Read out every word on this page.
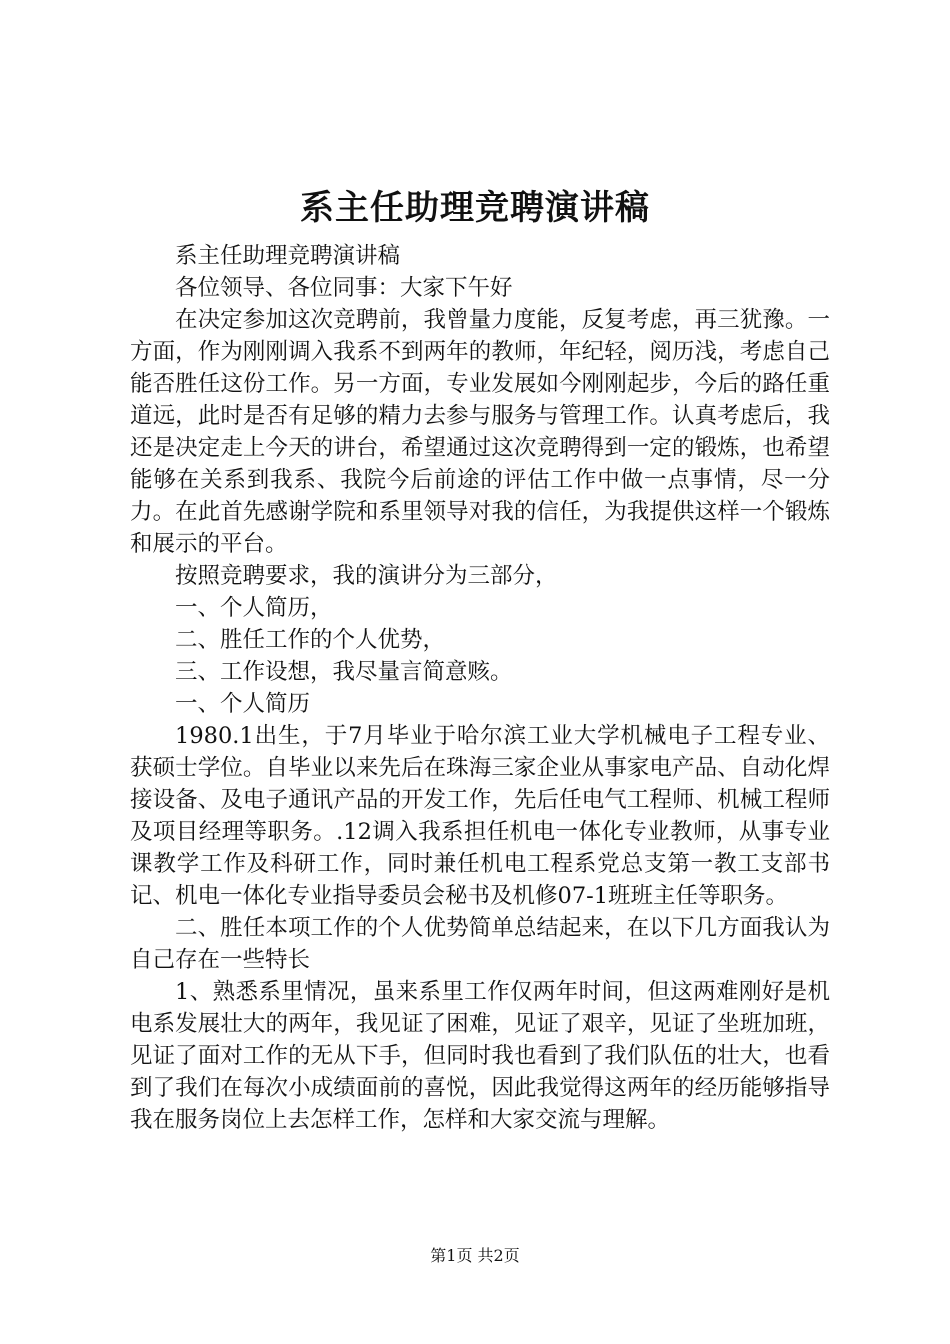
系主任助理竞聘演讲稿

系主任助理竞聘演讲稿

各位领导、各位同事：大家下午好

在决定参加这次竞聘前，我曾量力度能，反复考虑，再三犹豫。一方面，作为刚刚调入我系不到两年的教师，年纪轻，阅历浅，考虑自己能否胜任这份工作。另一方面，专业发展如今刚刚起步，今后的路任重道远，此时是否有足够的精力去参与服务与管理工作。认真考虑后，我还是决定走上今天的讲台，希望通过这次竞聘得到一定的锻炼，也希望能够在关系到我系、我院今后前途的评估工作中做一点事情，尽一分力。在此首先感谢学院和系里领导对我的信任，为我提供这样一个锻炼和展示的平台。

按照竞聘要求，我的演讲分为三部分，

一、个人简历，

二、胜任工作的个人优势，

三、工作设想，我尽量言简意赅。

一、个人简历

1980.1出生，于7月毕业于哈尔滨工业大学机械电子工程专业、获硕士学位。自毕业以来先后在珠海三家企业从事家电产品、自动化焊接设备、及电子通讯产品的开发工作，先后任电气工程师、机械工程师及项目经理等职务。.12调入我系担任机电一体化专业教师，从事专业课教学工作及科研工作，同时兼任机电工程系党总支第一教工支部书记、机电一体化专业指导委员会秘书及机修07-1班班主任等职务。

二、胜任本项工作的个人优势简单总结起来，在以下几方面我认为自己存在一些特长

1、熟悉系里情况，虽来系里工作仅两年时间，但这两难刚好是机电系发展壮大的两年，我见证了困难，见证了艰辛，见证了坐班加班，见证了面对工作的无从下手，但同时我也看到了我们队伍的壮大，也看到了我们在每次小成绩面前的喜悦，因此我觉得这两年的经历能够指导我在服务岗位上去怎样工作，怎样和大家交流与理解。

第1页 共2页
